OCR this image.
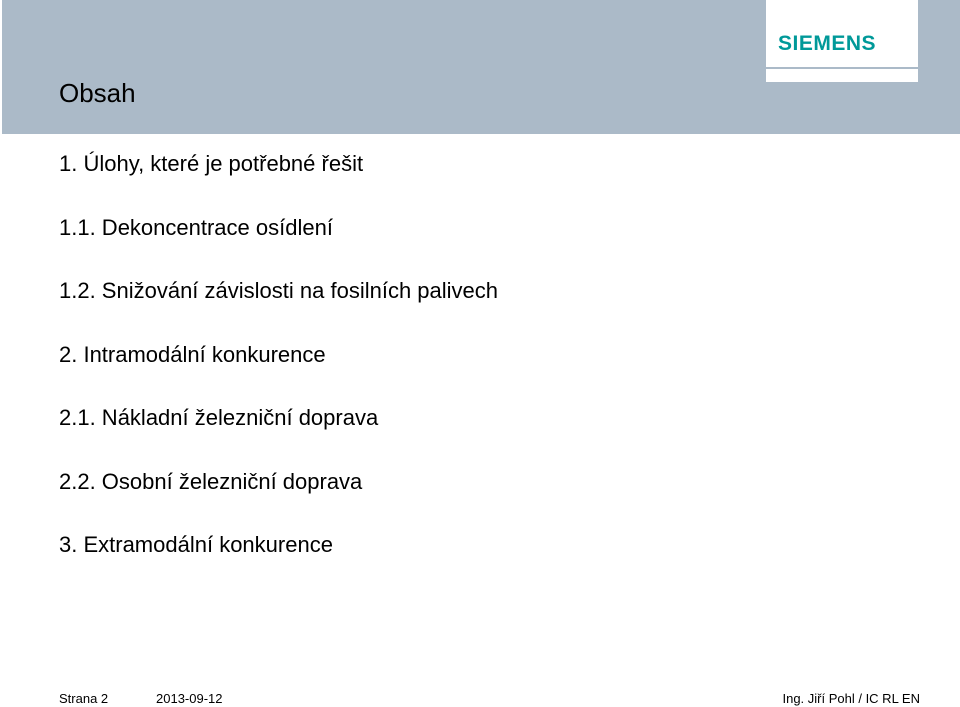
SIEMENS
Obsah
1. Úlohy, které je potřebné řešit
1.1. Dekoncentrace osídlení
1.2. Snižování závislosti na fosilních palivech
2. Intramodální konkurence
2.1. Nákladní železniční doprava
2.2. Osobní železniční doprava
3. Extramodální konkurence
© Siemens, s.r.o., divize Rail Systems & Mobility and Logistics 2013 Všechna práva vyhrazena.
Strana 2	2013-09-12	Ing. Jiří Pohl / IC RL EN
